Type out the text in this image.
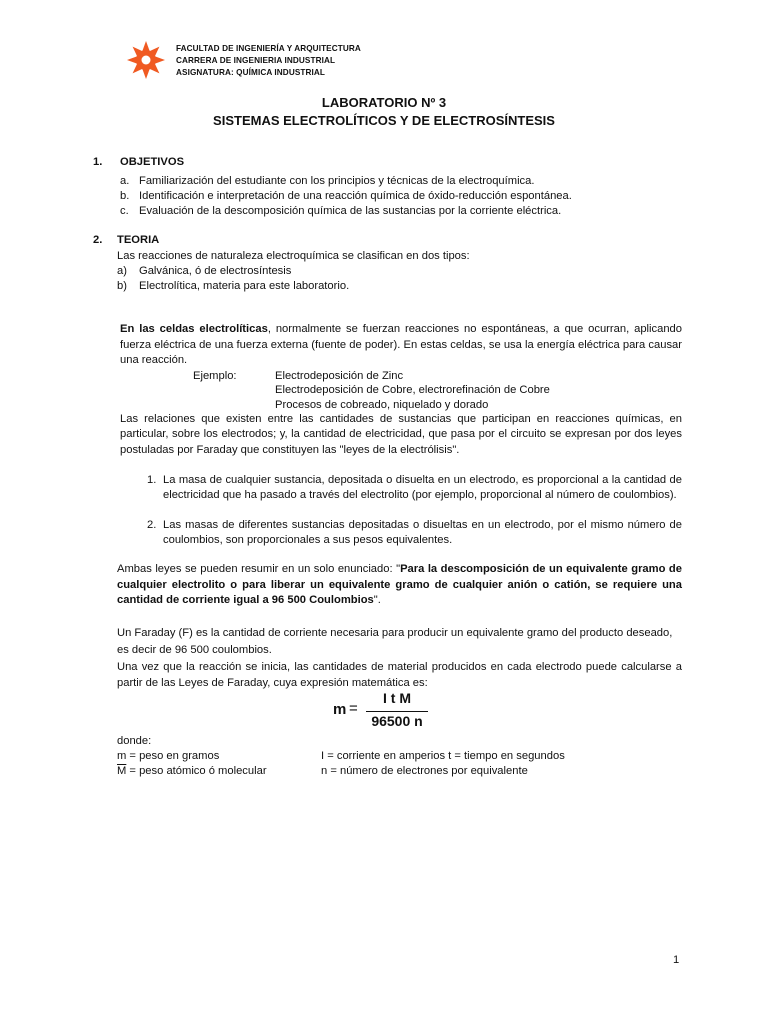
FACULTAD DE INGENIERÍA Y ARQUITECTURA
CARRERA DE INGENIERIA INDUSTRIAL
ASIGNATURA: QUÍMICA INDUSTRIAL
LABORATORIO Nº 3
SISTEMAS ELECTROLÍTICOS Y DE ELECTROSÍNTESIS
1. OBJETIVOS
a. Familiarización del estudiante con los principios y técnicas de la electroquímica.
b. Identificación e interpretación de una reacción química de óxido-reducción espontánea.
c. Evaluación de la descomposición química de las sustancias por la corriente eléctrica.
2. TEORIA
Las reacciones de naturaleza electroquímica se clasifican en dos tipos:
a) Galvánica, ó de electrosíntesis
b) Electrolítica, materia para este laboratorio.
En las celdas electrolíticas, normalmente se fuerzan reacciones no espontáneas, a que ocurran, aplicando fuerza eléctrica de una fuerza externa (fuente de poder). En estas celdas, se usa la energía eléctrica para causar una reacción.
Ejemplo:	Electrodeposición de Zinc
Electrodeposición de Cobre, electrorefinación de Cobre
Procesos de cobreado, niquelado y dorado
Las relaciones que existen entre las cantidades de sustancias que participan en reacciones químicas, en particular, sobre los electrodos; y, la cantidad de electricidad, que pasa por el circuito se expresan por dos leyes postuladas por Faraday que constituyen las "leyes de la electrólisis".
1. La masa de cualquier sustancia, depositada o disuelta en un electrodo, es proporcional a la cantidad de electricidad que ha pasado a través del electrolito (por ejemplo, proporcional al número de coulombios).
2. Las masas de diferentes sustancias depositadas o disueltas en un electrodo, por el mismo número de coulombios, son proporcionales a sus pesos equivalentes.
Ambas leyes se pueden resumir en un solo enunciado: "Para la descomposición de un equivalente gramo de cualquier electrolito o para liberar un equivalente gramo de cualquier anión o catión, se requiere una cantidad de corriente igual a 96 500 Coulombios".
Un Faraday (F) es la cantidad de corriente necesaria para producir un equivalente gramo del producto deseado,
es decir de 96 500 coulombios.
Una vez que la reacción se inicia, las cantidades de material producidos en cada electrodo puede calcularse a partir de las Leyes de Faraday, cuya expresión matemática es:
m =
I t M
96500 n
donde:
m = peso en gramos	I = corriente en amperios t = tiempo en segundos
$\overline{M}$ = peso atómico ó molecular	n = número de electrones por equivalente
1
